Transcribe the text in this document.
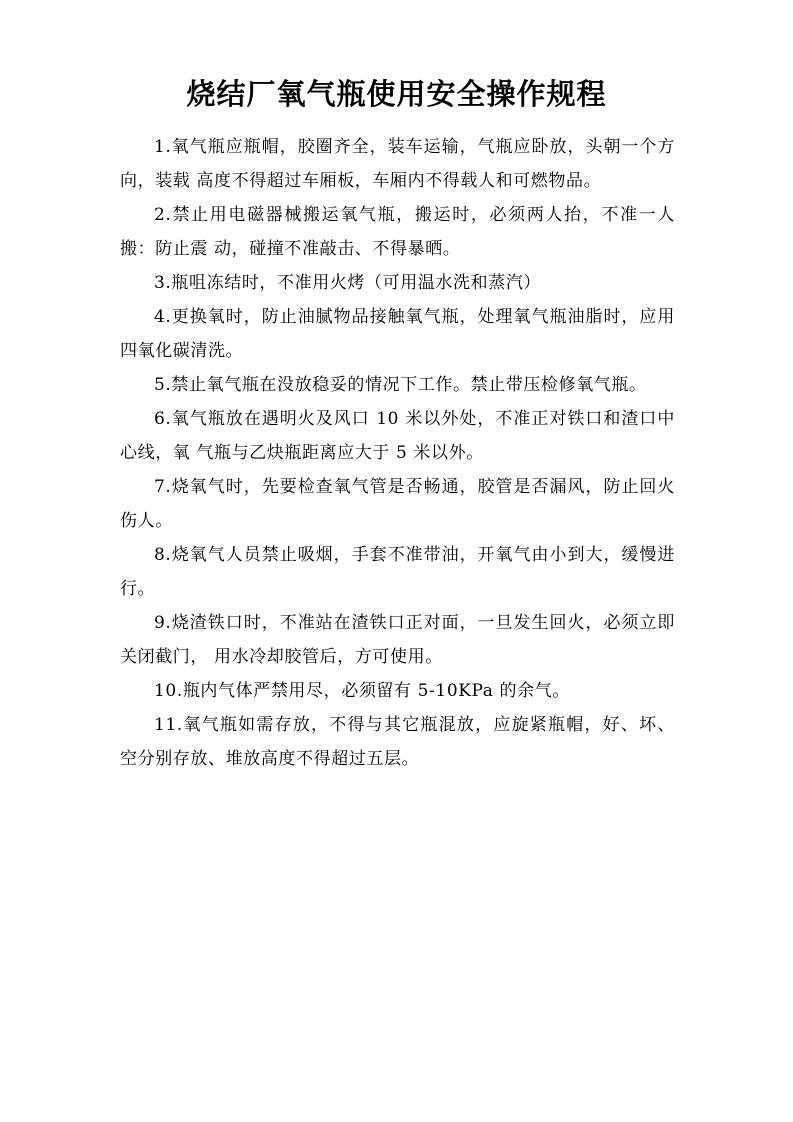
烧结厂氧气瓶使用安全操作规程

1.氧气瓶应瓶帽，胶圈齐全，装车运输，气瓶应卧放，头朝一个方向，装载 高度不得超过车厢板，车厢内不得载人和可燃物品。

2.禁止用电磁器械搬运氧气瓶，搬运时，必须两人抬，不准一人搬：防止震 动，碰撞不准敲击、不得暴晒。

3.瓶咀冻结时，不准用火烤（可用温水洗和蒸汽）

4.更换氧时，防止油腻物品接触氧气瓶，处理氧气瓶油脂时，应用四氧化碳清洗。

5.禁止氧气瓶在没放稳妥的情况下工作。禁止带压检修氧气瓶。

6.氧气瓶放在遇明火及风口 10 米以外处，不准正对铁口和渣口中心线，氧 气瓶与乙炔瓶距离应大于 5 米以外。

7.烧氧气时，先要检查氧气管是否畅通，胶管是否漏风，防止回火伤人。

8.烧氧气人员禁止吸烟，手套不准带油，开氧气由小到大，缓慢进行。

9.烧渣铁口时，不准站在渣铁口正对面，一旦发生回火，必须立即关闭截门， 用水冷却胶管后，方可使用。

10.瓶内气体严禁用尽，必须留有 5-10KPa 的余气。

11.氧气瓶如需存放，不得与其它瓶混放，应旋紧瓶帽，好、坏、空分别存放、堆放高度不得超过五层。
